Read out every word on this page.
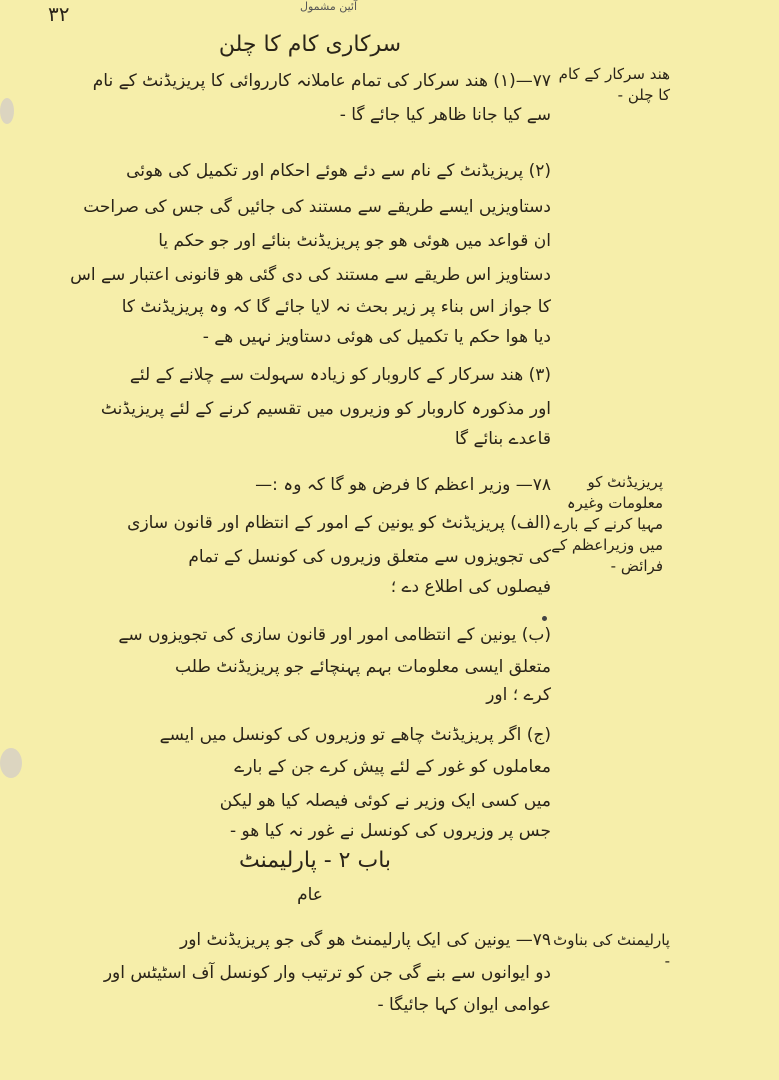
۳۲	آئین مشمول
سرکاری کام کا چلن
ھند سرکار کے کام کا چلن -
پریزیڈنٹ کو معلومات وغیرہ مہیا کرنے کے بارے میں وزیراعظم کے فرائض -
پارلیمنٹ کی بناوٹ -
۷۷—(۱) ھند سرکار کی تمام عاملانہ کارروائی کا پریزیڈنٹ کے نام
سے کیا جانا ظاھر کیا جائے گا -
(۲) پریزیڈنٹ کے نام سے دئے ھوئے احکام اور تکمیل کی ھوئی
دستاویزیں ایسے طریقے سے مستند کی جائیں گی جس کی صراحت
ان قواعد میں ھوئی ھو جو پریزیڈنٹ بنائے اور جو حکم یا
دستاویز اس طریقے سے مستند کی دی گئی ھو قانونی اعتبار سے اس
کا جواز اس بناء پر زیر بحث نہ لایا جائے گا کہ وہ پریزیڈنٹ کا
دیا ھوا حکم یا تکمیل کی ھوئی دستاویز نہیں ھے -
(۳) ھند سرکار کے کاروبار کو زیادہ سہولت سے چلانے کے لئے
اور مذکورہ کاروبار کو وزیروں میں تقسیم کرنے کے لئے پریزیڈنٹ
قاعدے بنائے گا
۷۸— وزیر اعظم کا فرض ھو گا کہ وہ :—
(الف) پریزیڈنٹ کو یونین کے امور کے انتظام اور قانون سازی
کی تجویزوں سے متعلق وزیروں کی کونسل کے تمام
فیصلوں کی اطلاع دے ؛
(ب) یونین کے انتظامی امور اور قانون سازی کی تجویزوں سے
متعلق ایسی معلومات بہم پہنچائے جو پریزیڈنٹ طلب
کرے ؛ اور
(ج) اگر پریزیڈنٹ چاھے تو وزیروں کی کونسل میں ایسے
معاملوں کو غور کے لئے پیش کرے جن کے بارے
میں کسی ایک وزیر نے کوئی فیصلہ کیا ھو لیکن
جس پر وزیروں کی کونسل نے غور نہ کیا ھو -
باب ۲ - پارلیمنٹ
عام
۷۹— یونین کی ایک پارلیمنٹ ھو گی جو پریزیڈنٹ اور
دو ایوانوں سے بنے گی جن کو ترتیب وار کونسل آف اسٹیٹس اور
عوامی ایوان کہا جائیگا -
